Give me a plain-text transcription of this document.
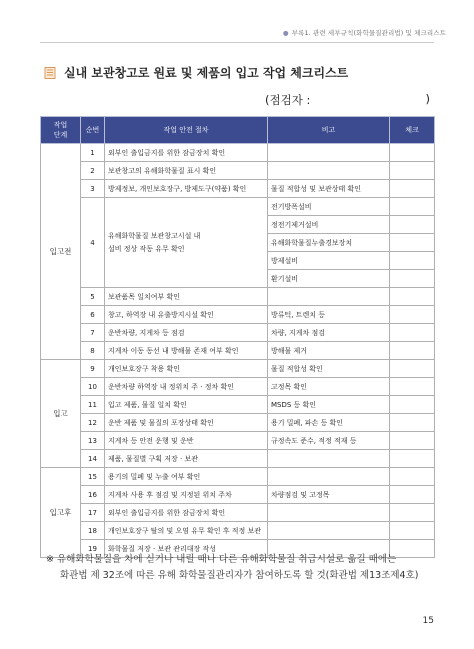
● 부록1. 관련 세부규칙(화학물질관리법) 및 체크리스트
실내 보관창고로 원료 및 제품의 입고 작업 체크리스트
(점검자 :	)
작업
단계	순번	작업 안전 절차	비고	체크
입고전	1	외부인 출입금지를 위한 잠금장치 확인		
	2	보관창고의 유해화학물질 표시 확인		
	3	방제정보, 개인보호장구, 방제도구(약품) 확인	물질 적합성 및 보관상태 확인	
	4	유해화학물질 보관창고시설 내
설비 정상 작동 유무 확인	전기방폭설비	
			정전기제거설비	
			유해화학물질누출경보장치	
			방제설비	
			환기설비	
	5	보관품목 일치여부 확인		
	6	창고, 하역장 내 유출방지시설 확인	방류턱, 트렌치 등	
	7	운반차량, 지게차 등 점검	차량, 지게차 점검	
	8	지게차 이동 동선 내 방해물 존재 여부 확인	방해물 제거	
입고	9	개인보호장구 착용 확인	물질 적합성 확인	
	10	운반차량 하역장 내 정위치 주 · 정차 확인	고정목 확인	
	11	입고 제품, 물질 일치 확인	MSDS 등 확인	
	12	운반 제품 및 물질의 포장상태 확인	용기 밀폐, 파손 등 확인	
	13	지게차 등 안전 운행 및 운반	규정속도 준수, 적정 적재 등	
	14	제품, 물질별 구획 저장 · 보관		
입고후	15	용기의 밀폐 및 누출 여부 확인		
	16	지게차 사용 후 점검 및 지정된 위치 주차	차량점검 및 고정목	
	17	외부인 출입금지를 위한 잠금장치 확인		
	18	개인보호장구 탈의 및 오염 유무 확인 후 적정 보관		
	19	화학물질 저장 · 보관 관리대장 작성		
※ 유해화학물질을 차에 싣거나 내릴 때나 다른 유해화학물질 취급시설로 옮길 때에는
화관법 제 32조에 따른 유해 화학물질관리자가 참여하도록 할 것(화관법 제13조제4호)
15
